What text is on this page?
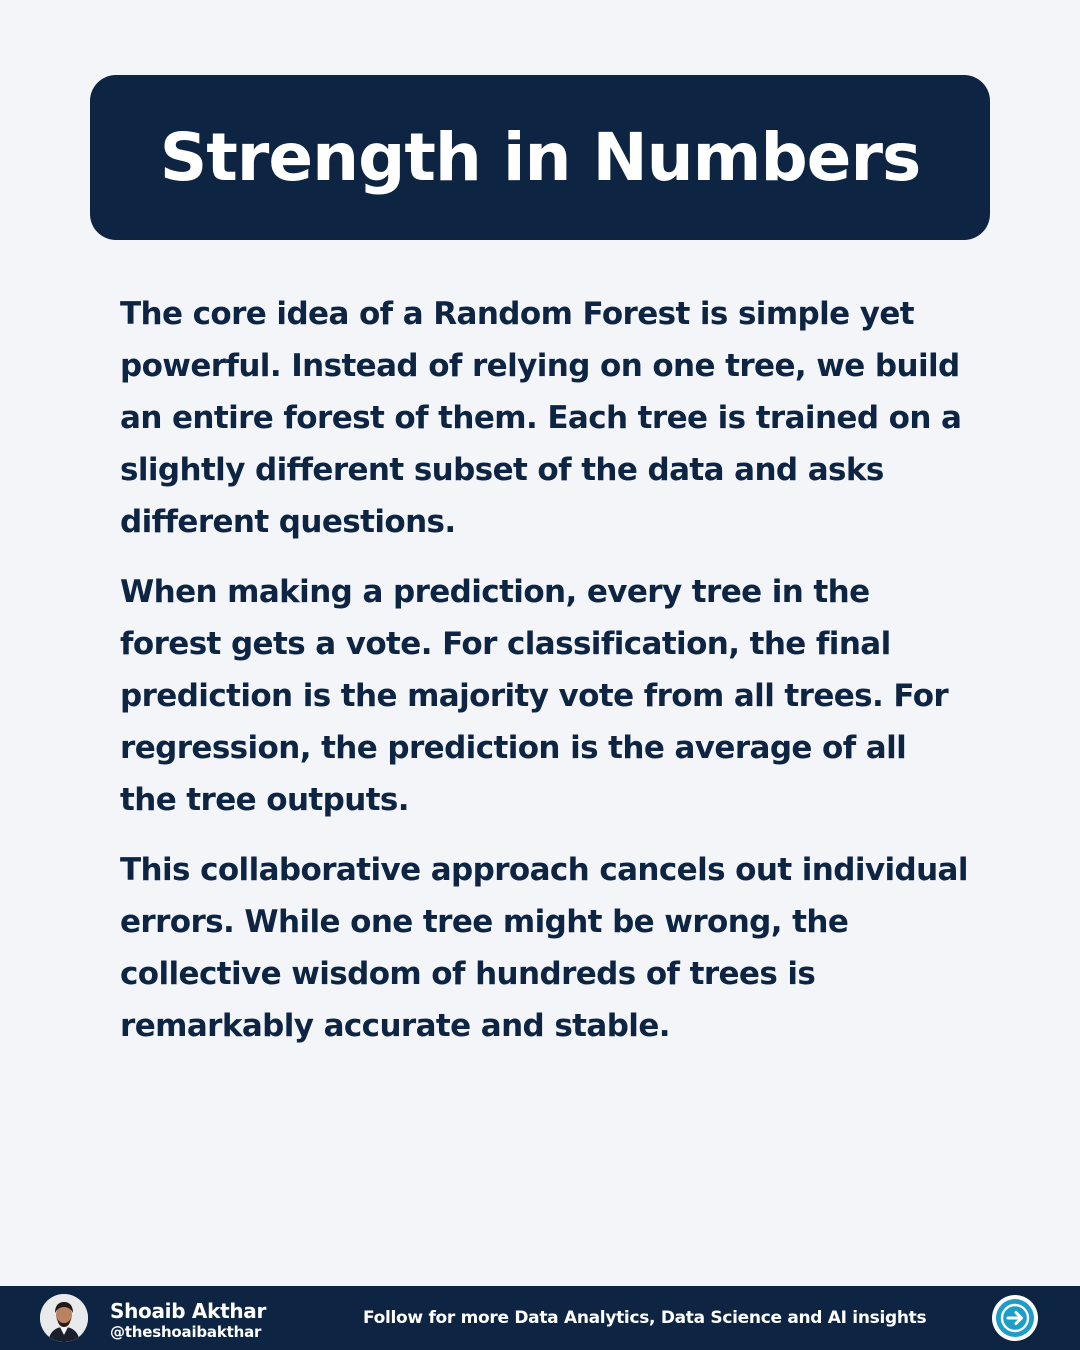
Strength in Numbers

The core idea of a Random Forest is simple yet powerful. Instead of relying on one tree, we build an entire forest of them. Each tree is trained on a slightly different subset of the data and asks different questions.

When making a prediction, every tree in the forest gets a vote. For classification, the final prediction is the majority vote from all trees. For regression, the prediction is the average of all the tree outputs.

This collaborative approach cancels out individual errors. While one tree might be wrong, the collective wisdom of hundreds of trees is remarkably accurate and stable.

Shoaib Akthar
@theshoaibakthar
Follow for more Data Analytics, Data Science and AI insights
